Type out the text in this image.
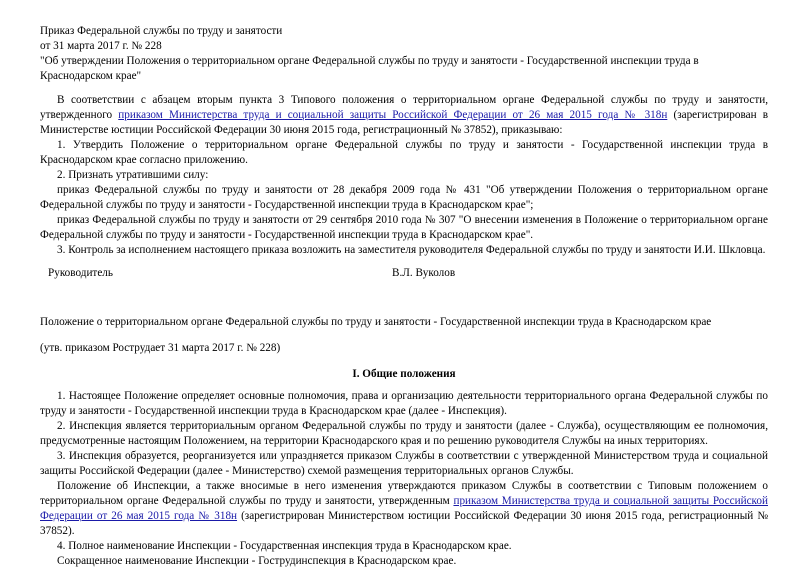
Приказ Федеральной службы по труду и занятости

от 31 марта 2017 г. № 228

"Об утверждении Положения о территориальном органе Федеральной службы по труду и занятости - Государственной инспекции труда в Краснодарском крае"

В соответствии с абзацем вторым пункта 3 Типового положения о территориальном органе Федеральной службы по труду и занятости, утвержденного приказом Министерства труда и социальной защиты Российской Федерации от 26 мая 2015 года № 318н (зарегистрирован в Министерстве юстиции Российской Федерации 30 июня 2015 года, регистрационный № 37852), приказываю:

1. Утвердить Положение о территориальном органе Федеральной службы по труду и занятости - Государственной инспекции труда в Краснодарском крае согласно приложению.

2. Признать утратившими силу:

приказ Федеральной службы по труду и занятости от 28 декабря 2009 года № 431 "Об утверждении Положения о территориальном органе Федеральной службы по труду и занятости - Государственной инспекции труда в Краснодарском крае";

приказ Федеральной службы по труду и занятости от 29 сентября 2010 года № 307 "О внесении изменения в Положение о территориальном органе Федеральной службы по труду и занятости - Государственной инспекции труда в Краснодарском крае".

3. Контроль за исполнением настоящего приказа возложить на заместителя руководителя Федеральной службы по труду и занятости И.И. Шкловца.

Руководитель	В.Л. Вуколов

Положение о территориальном органе Федеральной службы по труду и занятости - Государственной инспекции труда в Краснодарском крае

(утв. приказом Рострудает 31 марта 2017 г. № 228)

I. Общие положения

1. Настоящее Положение определяет основные полномочия, права и организацию деятельности территориального органа Федеральной службы по труду и занятости - Государственной инспекции труда в Краснодарском крае (далее - Инспекция).

2. Инспекция является территориальным органом Федеральной службы по труду и занятости (далее - Служба), осуществляющим ее полномочия, предусмотренные настоящим Положением, на территории Краснодарского края и по решению руководителя Службы на иных территориях.

3. Инспекция образуется, реорганизуется или упраздняется приказом Службы в соответствии с утвержденной Министерством труда и социальной защиты Российской Федерации (далее - Министерство) схемой размещения территориальных органов Службы.

Положение об Инспекции, а также вносимые в него изменения утверждаются приказом Службы в соответствии с Типовым положением о территориальном органе Федеральной службы по труду и занятости, утвержденным приказом Министерства труда и социальной защиты Российской Федерации от 26 мая 2015 года № 318н (зарегистрирован Министерством юстиции Российской Федерации 30 июня 2015 года, регистрационный № 37852).

4. Полное наименование Инспекции - Государственная инспекция труда в Краснодарском крае.

Сокращенное наименование Инспекции - Гострудинспекция в Краснодарском крае.
